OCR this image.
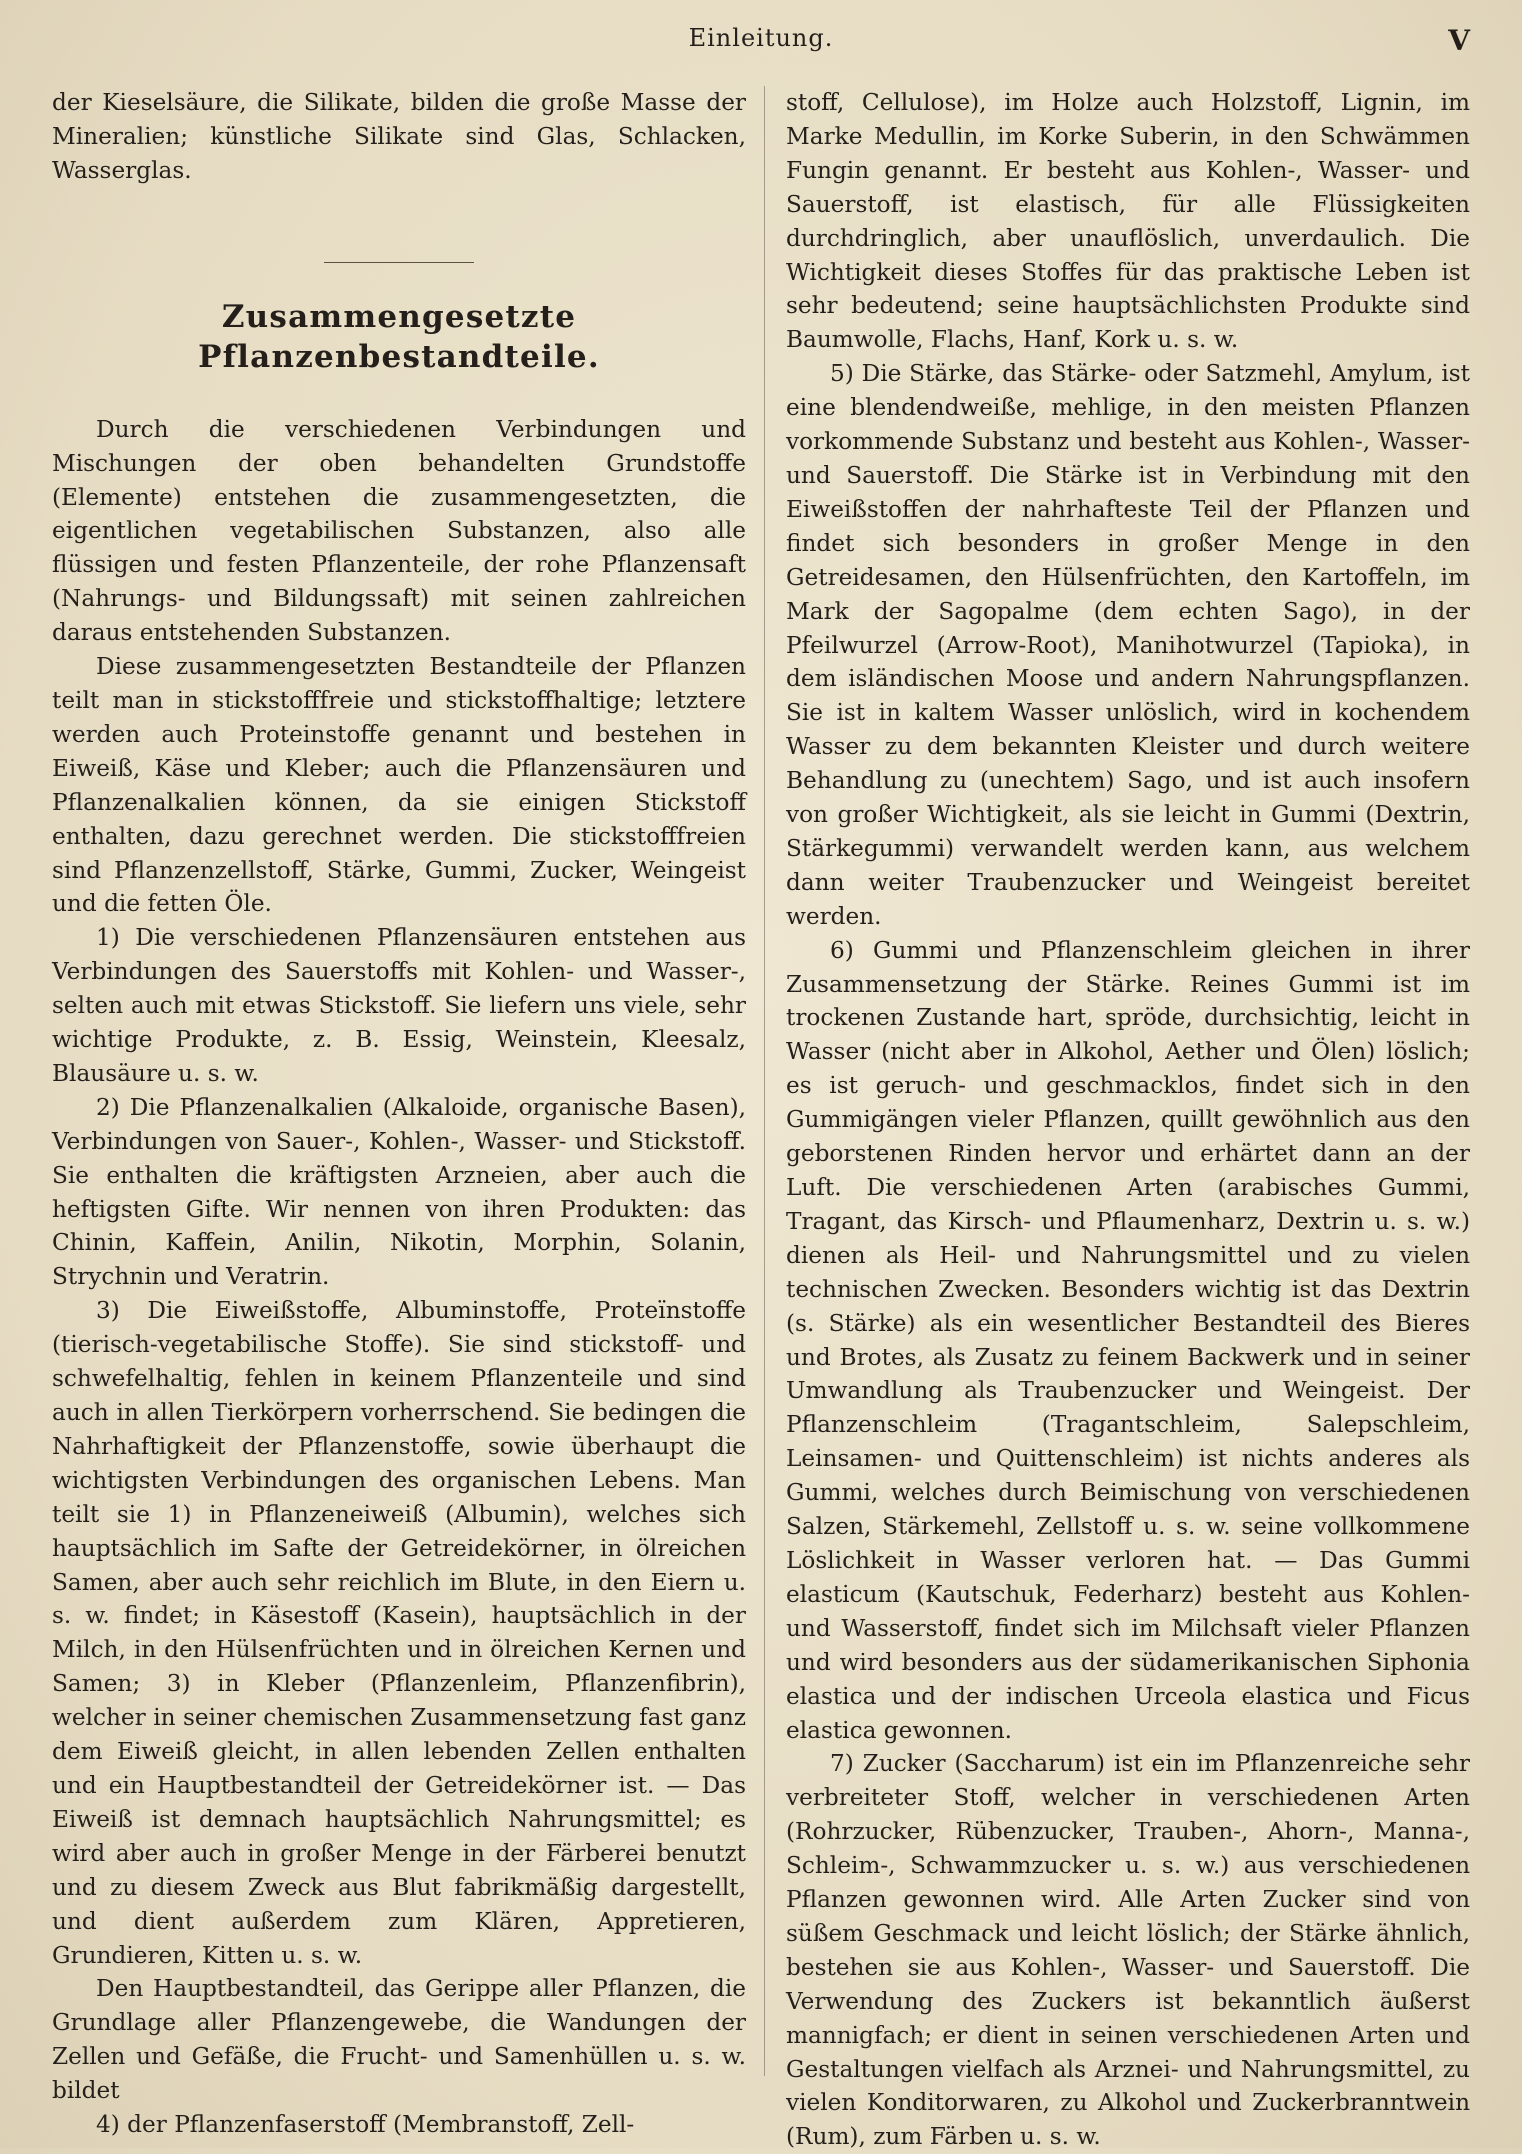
Einleitung.	V

der Kieselsäure, die Silikate, bilden die große Masse der Mineralien; künstliche Silikate sind Glas, Schlacken, Wasserglas.

Zusammengesetzte Pflanzenbestandteile.

Durch die verschiedenen Verbindungen und Mischungen der oben behandelten Grundstoffe (Elemente) entstehen die zusammengesetzten, die eigentlichen vegetabilischen Substanzen, also alle flüssigen und festen Pflanzenteile, der rohe Pflanzensaft (Nahrungs- und Bildungssaft) mit seinen zahlreichen daraus entstehenden Substanzen.

Diese zusammengesetzten Bestandteile der Pflanzen teilt man in stickstofffreie und stickstoffhaltige; letztere werden auch Proteinstoffe genannt und bestehen in Eiweiß, Käse und Kleber; auch die Pflanzensäuren und Pflanzenalkalien können, da sie einigen Stickstoff enthalten, dazu gerechnet werden. Die stickstofffreien sind Pflanzenzellstoff, Stärke, Gummi, Zucker, Weingeist und die fetten Öle.

1) Die verschiedenen Pflanzensäuren entstehen aus Verbindungen des Sauerstoffs mit Kohlen- und Wasser-, selten auch mit etwas Stickstoff. Sie liefern uns viele, sehr wichtige Produkte, z. B. Essig, Weinstein, Kleesalz, Blausäure u. s. w.

2) Die Pflanzenalkalien (Alkaloide, organische Basen), Verbindungen von Sauer-, Kohlen-, Wasser- und Stickstoff. Sie enthalten die kräftigsten Arzneien, aber auch die heftigsten Gifte. Wir nennen von ihren Produkten: das Chinin, Kaffein, Anilin, Nikotin, Morphin, Solanin, Strychnin und Veratrin.

3) Die Eiweißstoffe, Albuminstoffe, Proteïnstoffe (tierisch-vegetabilische Stoffe). Sie sind stickstoff- und schwefelhaltig, fehlen in keinem Pflanzenteile und sind auch in allen Tierkörpern vorherrschend. Sie bedingen die Nahrhaftigkeit der Pflanzenstoffe, sowie überhaupt die wichtigsten Verbindungen des organischen Lebens. Man teilt sie 1) in Pflanzeneiweiß (Albumin), welches sich hauptsächlich im Safte der Getreidekörner, in ölreichen Samen, aber auch sehr reichlich im Blute, in den Eiern u. s. w. findet; in Käsestoff (Kasein), hauptsächlich in der Milch, in den Hülsenfrüchten und in ölreichen Kernen und Samen; 3) in Kleber (Pflanzenleim, Pflanzenfibrin), welcher in seiner chemischen Zusammensetzung fast ganz dem Eiweiß gleicht, in allen lebenden Zellen enthalten und ein Hauptbestandteil der Getreidekörner ist. — Das Eiweiß ist demnach hauptsächlich Nahrungsmittel; es wird aber auch in großer Menge in der Färberei benutzt und zu diesem Zweck aus Blut fabrikmäßig dargestellt, und dient außerdem zum Klären, Appretieren, Grundieren, Kitten u. s. w.

Den Hauptbestandteil, das Gerippe aller Pflanzen, die Grundlage aller Pflanzengewebe, die Wandungen der Zellen und Gefäße, die Frucht- und Samenhüllen u. s. w. bildet

4) der Pflanzenfaserstoff (Membranstoff, Zell-

stoff, Cellulose), im Holze auch Holzstoff, Lignin, im Marke Medullin, im Korke Suberin, in den Schwämmen Fungin genannt. Er besteht aus Kohlen-, Wasser- und Sauerstoff, ist elastisch, für alle Flüssigkeiten durchdringlich, aber unauflöslich, unverdaulich. Die Wichtigkeit dieses Stoffes für das praktische Leben ist sehr bedeutend; seine hauptsächlichsten Produkte sind Baumwolle, Flachs, Hanf, Kork u. s. w.

5) Die Stärke, das Stärke- oder Satzmehl, Amylum, ist eine blendendweiße, mehlige, in den meisten Pflanzen vorkommende Substanz und besteht aus Kohlen-, Wasser- und Sauerstoff. Die Stärke ist in Verbindung mit den Eiweißstoffen der nahrhafteste Teil der Pflanzen und findet sich besonders in großer Menge in den Getreidesamen, den Hülsenfrüchten, den Kartoffeln, im Mark der Sagopalme (dem echten Sago), in der Pfeilwurzel (Arrow-Root), Manihotwurzel (Tapioka), in dem isländischen Moose und andern Nahrungspflanzen. Sie ist in kaltem Wasser unlöslich, wird in kochendem Wasser zu dem bekannten Kleister und durch weitere Behandlung zu (unechtem) Sago, und ist auch insofern von großer Wichtigkeit, als sie leicht in Gummi (Dextrin, Stärkegummi) verwandelt werden kann, aus welchem dann weiter Traubenzucker und Weingeist bereitet werden.

6) Gummi und Pflanzenschleim gleichen in ihrer Zusammensetzung der Stärke. Reines Gummi ist im trockenen Zustande hart, spröde, durchsichtig, leicht in Wasser (nicht aber in Alkohol, Aether und Ölen) löslich; es ist geruch- und geschmacklos, findet sich in den Gummigängen vieler Pflanzen, quillt gewöhnlich aus den geborstenen Rinden hervor und erhärtet dann an der Luft. Die verschiedenen Arten (arabisches Gummi, Tragant, das Kirsch- und Pflaumenharz, Dextrin u. s. w.) dienen als Heil- und Nahrungsmittel und zu vielen technischen Zwecken. Besonders wichtig ist das Dextrin (s. Stärke) als ein wesentlicher Bestandteil des Bieres und Brotes, als Zusatz zu feinem Backwerk und in seiner Umwandlung als Traubenzucker und Weingeist. Der Pflanzenschleim (Tragantschleim, Salepschleim, Leinsamen- und Quittenschleim) ist nichts anderes als Gummi, welches durch Beimischung von verschiedenen Salzen, Stärkemehl, Zellstoff u. s. w. seine vollkommene Löslichkeit in Wasser verloren hat. — Das Gummi elasticum (Kautschuk, Federharz) besteht aus Kohlen- und Wasserstoff, findet sich im Milchsaft vieler Pflanzen und wird besonders aus der südamerikanischen Siphonia elastica und der indischen Urceola elastica und Ficus elastica gewonnen.

7) Zucker (Saccharum) ist ein im Pflanzenreiche sehr verbreiteter Stoff, welcher in verschiedenen Arten (Rohrzucker, Rübenzucker, Trauben-, Ahorn-, Manna-, Schleim-, Schwammzucker u. s. w.) aus verschiedenen Pflanzen gewonnen wird. Alle Arten Zucker sind von süßem Geschmack und leicht löslich; der Stärke ähnlich, bestehen sie aus Kohlen-, Wasser- und Sauerstoff. Die Verwendung des Zuckers ist bekanntlich äußerst mannigfach; er dient in seinen verschiedenen Arten und Gestaltungen vielfach als Arznei- und Nahrungsmittel, zu vielen Konditorwaren, zu Alkohol und Zuckerbranntwein (Rum), zum Färben u. s. w.
